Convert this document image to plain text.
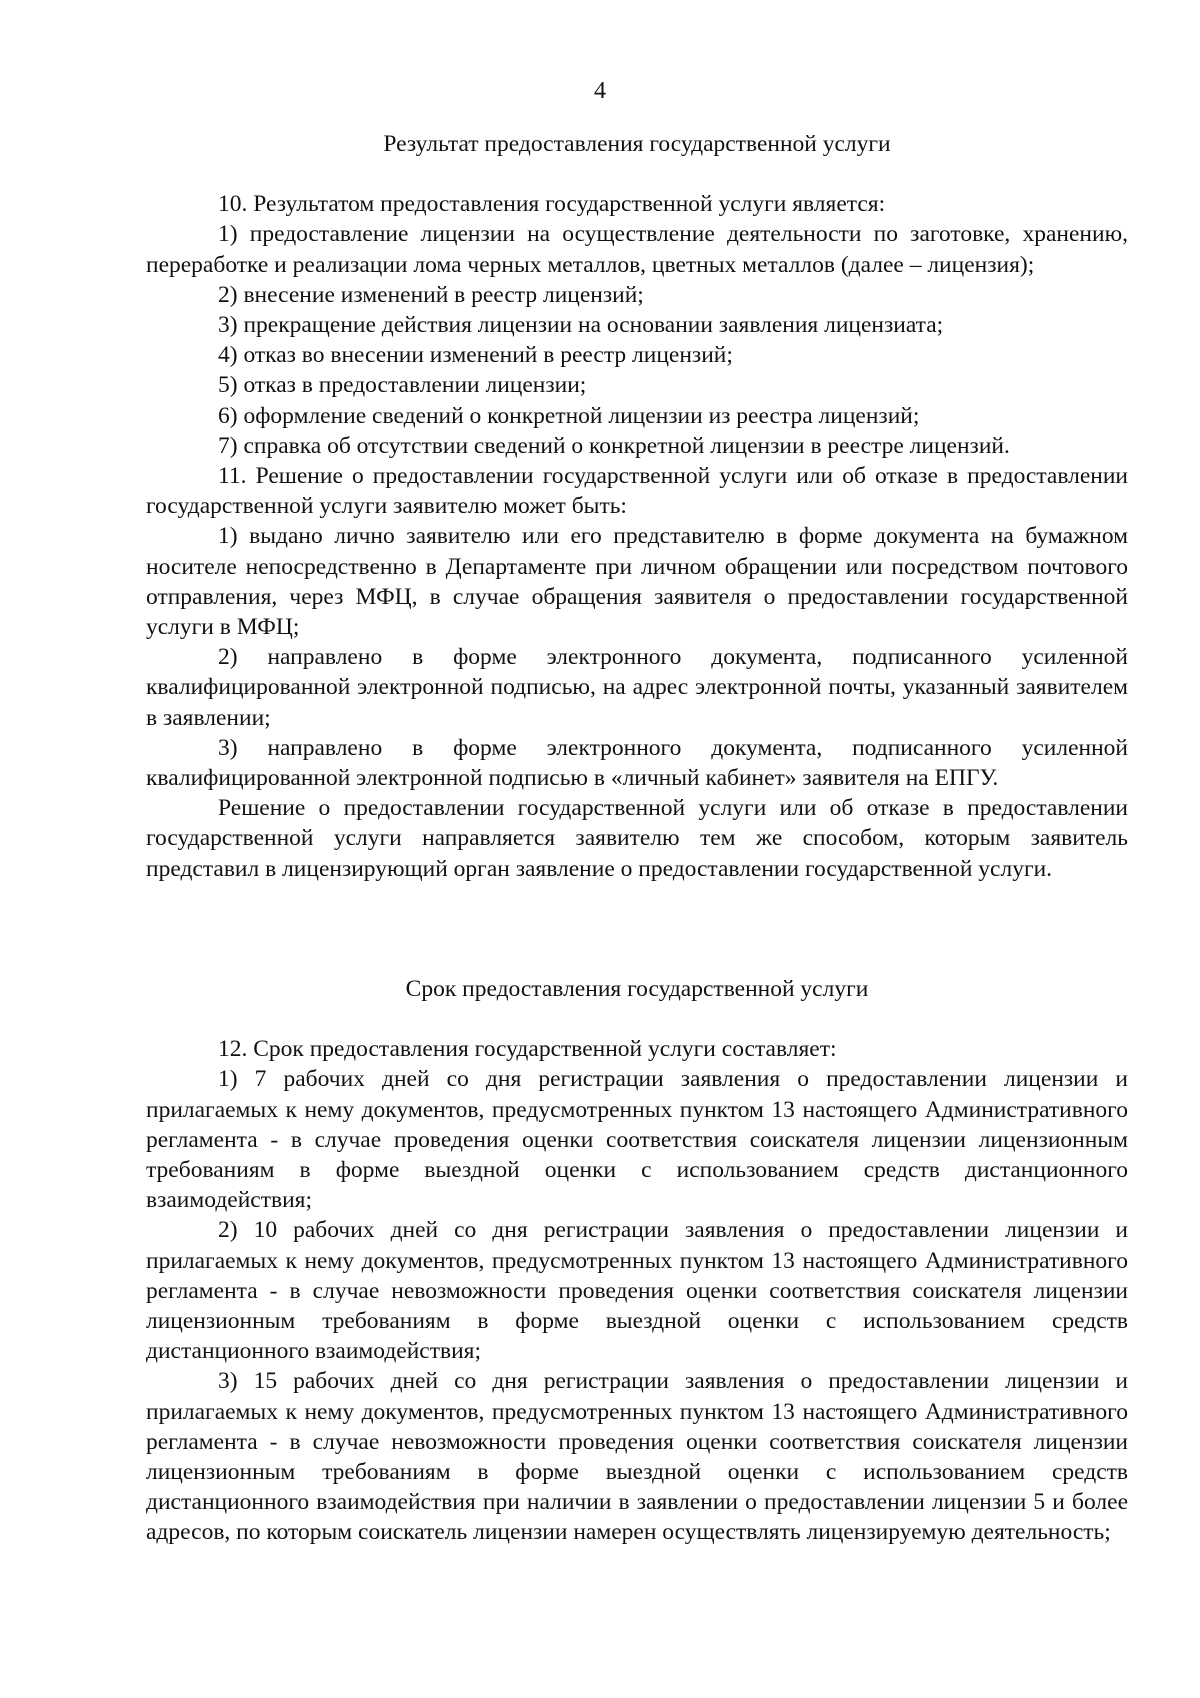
4

Результат предоставления государственной услуги

10. Результатом предоставления государственной услуги является:

1) предоставление лицензии на осуществление деятельности по заготовке, хранению, переработке и реализации лома черных металлов, цветных металлов (далее – лицензия);

2) внесение изменений в реестр лицензий;

3) прекращение действия лицензии на основании заявления лицензиата;

4) отказ во внесении изменений в реестр лицензий;

5) отказ в предоставлении лицензии;

6) оформление сведений о конкретной лицензии из реестра лицензий;

7) справка об отсутствии сведений о конкретной лицензии в реестре лицензий.

11. Решение о предоставлении государственной услуги или об отказе в предоставлении государственной услуги заявителю может быть:

1) выдано лично заявителю или его представителю в форме документа на бумажном носителе непосредственно в Департаменте при личном обращении или посредством почтового отправления, через МФЦ, в случае обращения заявителя о предоставлении государственной услуги в МФЦ;

2) направлено в форме электронного документа, подписанного усиленной квалифицированной электронной подписью, на адрес электронной почты, указанный заявителем в заявлении;

3) направлено в форме электронного документа, подписанного усиленной квалифицированной электронной подписью в «личный кабинет» заявителя на ЕПГУ.

Решение о предоставлении государственной услуги или об отказе в предоставлении государственной услуги направляется заявителю тем же способом, которым заявитель представил в лицензирующий орган заявление о предоставлении государственной услуги.

Срок предоставления государственной услуги

12. Срок предоставления государственной услуги составляет:

1) 7 рабочих дней со дня регистрации заявления о предоставлении лицензии и прилагаемых к нему документов, предусмотренных пунктом 13 настоящего Административного регламента - в случае проведения оценки соответствия соискателя лицензии лицензионным требованиям в форме выездной оценки с использованием средств дистанционного взаимодействия;

2) 10 рабочих дней со дня регистрации заявления о предоставлении лицензии и прилагаемых к нему документов, предусмотренных пунктом 13 настоящего Административного регламента - в случае невозможности проведения оценки соответствия соискателя лицензии лицензионным требованиям в форме выездной оценки с использованием средств дистанционного взаимодействия;

3) 15 рабочих дней со дня регистрации заявления о предоставлении лицензии и прилагаемых к нему документов, предусмотренных пунктом 13 настоящего Административного регламента - в случае невозможности проведения оценки соответствия соискателя лицензии лицензионным требованиям в форме выездной оценки с использованием средств дистанционного взаимодействия при наличии в заявлении о предоставлении лицензии 5 и более адресов, по которым соискатель лицензии намерен осуществлять лицензируемую деятельность;
